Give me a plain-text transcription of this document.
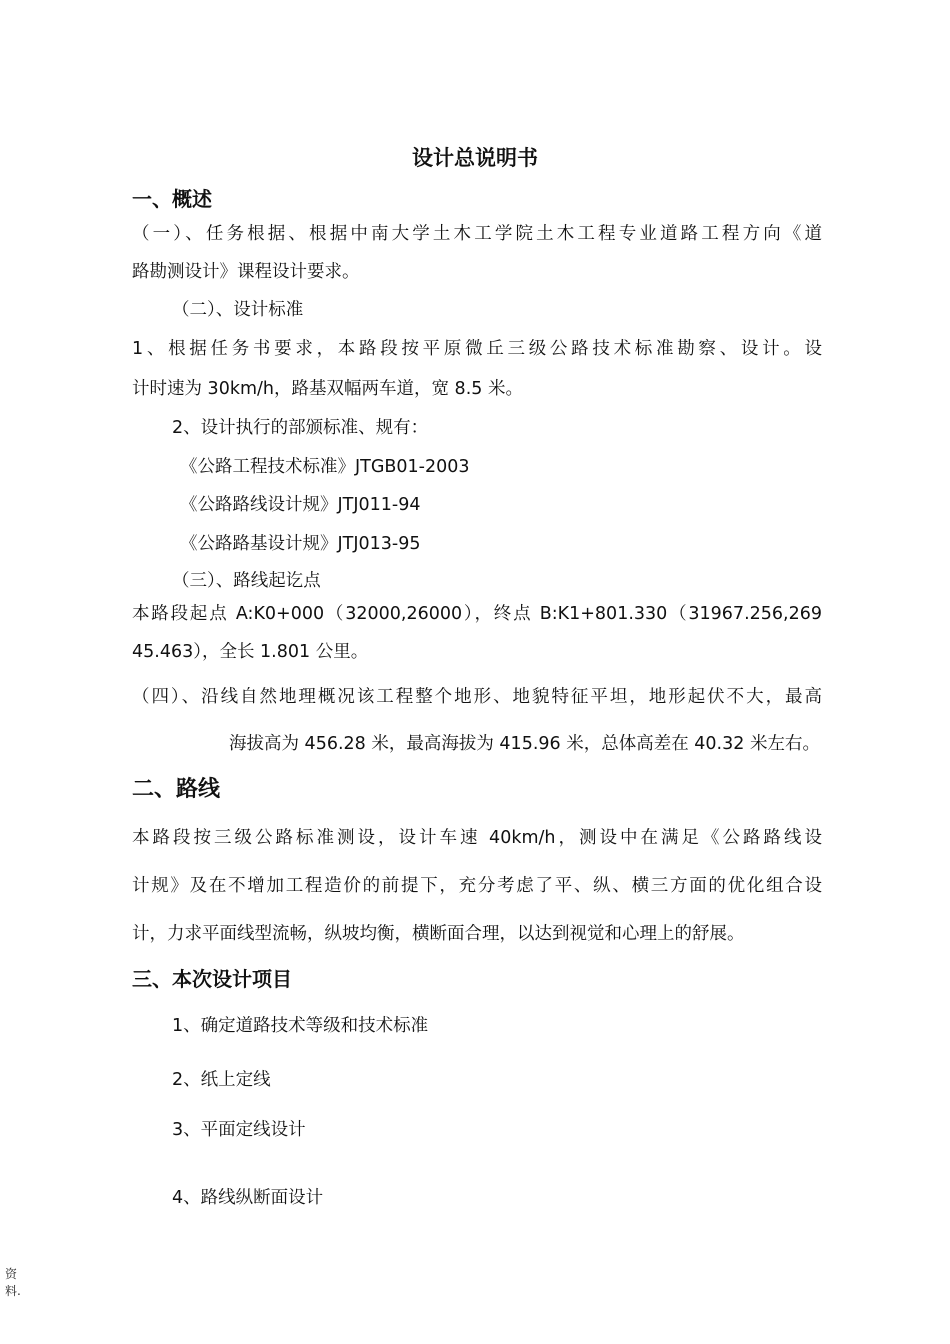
设计总说明书
一、概述
（一）、任务根据、根据中南大学土木工学院土木工程专业道路工程方向《道
路勘测设计》课程设计要求。
（二）、设计标准
1、根据任务书要求，本路段按平原微丘三级公路技术标准勘察、设计。设
计时速为 30km/h，路基双幅两车道，宽 8.5 米。
2、设计执行的部颁标准、规有：
《公路工程技术标准》JTGB01-2003
《公路路线设计规》JTJ011-94
《公路路基设计规》JTJ013-95
（三）、路线起讫点
本路段起点 A:K0+000（32000,26000），终点 B:K1+801.330（31967.256,269
45.463），全长 1.801 公里。
（四）、沿线自然地理概况该工程整个地形、地貌特征平坦，地形起伏不大，最高
海拔高为 456.28 米，最高海拔为 415.96 米，总体高差在 40.32 米左右。
二、路线
本路段按三级公路标准测设，设计车速 40km/h，测设中在满足《公路路线设
计规》及在不增加工程造价的前提下，充分考虑了平、纵、横三方面的优化组合设
计，力求平面线型流畅，纵坡均衡，横断面合理，以达到视觉和心理上的舒展。
三、本次设计项目
1、确定道路技术等级和技术标准
2、纸上定线
3、平面定线设计
4、路线纵断面设计
资
料.
